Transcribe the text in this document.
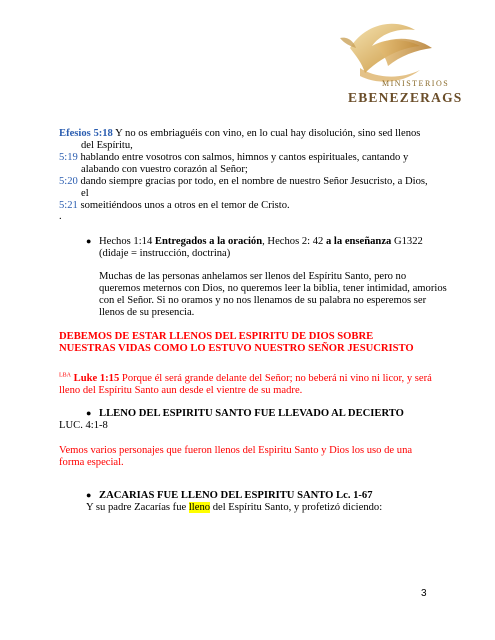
MINISTERIOS
EBENEZERAGS
Efesios 5:18 Y no os embriaguéis con vino, en lo cual hay disolución, sino sed llenos
del Espíritu,
5:19 hablando entre vosotros con salmos, himnos y cantos espirituales, cantando y
alabando con vuestro corazón al Señor;
5:20 dando siempre gracias por todo, en el nombre de nuestro Señor Jesucristo, a Dios,
el
5:21 someitiéndoos unos a otros en el temor de Cristo.
.
● Hechos 1:14 Entregados a la oración, Hechos 2: 42 a la enseñanza G1322
(didaje = instrucción, doctrina)
Muchas de las personas anhelamos ser llenos del Espíritu Santo, pero no
queremos meternos con Dios, no queremos leer la biblia, tener intimidad, amorios
con el Señor. Si no oramos y no nos llenamos de su palabra no esperemos ser
llenos de su presencia.
DEBEMOS DE ESTAR LLENOS DEL ESPIRITU DE DIOS SOBRE
NUESTRAS VIDAS COMO LO ESTUVO NUESTRO SEÑOR JESUCRISTO
$^{LBA}$ Luke 1:15 Porque él será grande delante del Señor; no beberá ni vino ni licor, y será
lleno del Espíritu Santo aun desde el vientre de su madre.
● LLENO DEL ESPIRITU SANTO FUE LLEVADO AL DECIERTO
LUC. 4:1-8
Vemos varios personajes que fueron llenos del Espiritu Santo y Dios los uso de una
forma especial.
● ZACARIAS FUE LLENO DEL ESPIRITU SANTO Lc. 1-67
Y su padre Zacarías fue lleno del Espíritu Santo, y profetizó diciendo:
3
